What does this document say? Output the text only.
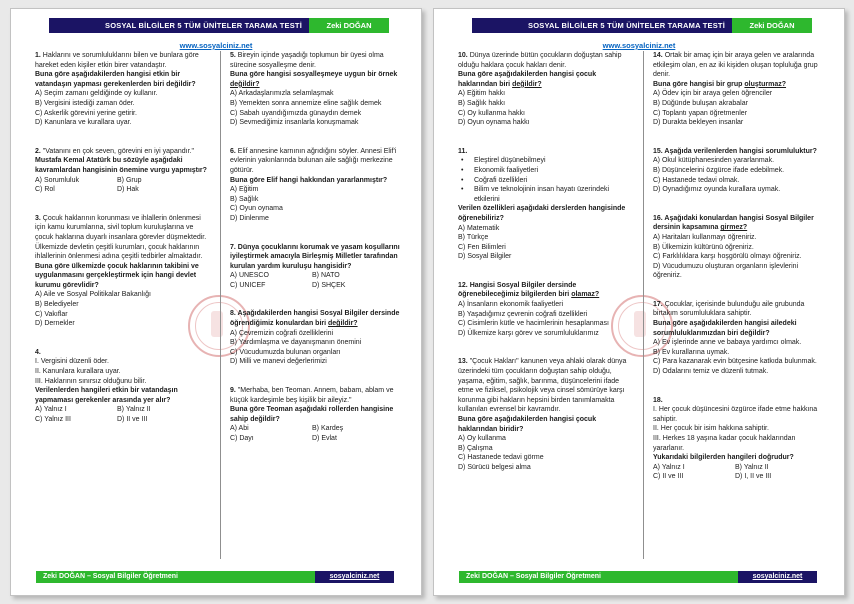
SOSYAL BİLGİLER 5 TÜM ÜNİTELER TARAMA TESTİ	Zeki DOĞAN
www.sosyalciniz.net
1. Haklarını ve sorumluluklarını bilen ve bunlara göre hareket eden kişiler etkin birer vatandaştır.
Buna göre aşağıdakilerden hangisi etkin bir vatandaşın yapması gerekenlerden biri değildir?
A) Seçim zamanı geldiğinde oy kullanır.
B) Vergisini istediği zaman öder.
C) Askerlik görevini yerine getirir.
D) Kanunlara ve kurallara uyar.
2. "Vatanını en çok seven, görevini en iyi yapandır."
Mustafa Kemal Atatürk bu sözüyle aşağıdaki kavramlardan hangisinin önemine vurgu yapmıştır?
A) Sorumluluk	B) Grup
C) Rol	D) Hak
3. Çocuk haklarının korunması ve ihlallerin önlenmesi için kamu kurumlarına, sivil toplum kuruluşlarına ve çocuk haklarına duyarlı insanlara görevler düşmektedir. Ülkemizde devletin çeşitli kurumları, çocuk haklarının ihlallerinin önlenmesi adına çeşitli tedbirler almaktadır.
Buna göre ülkemizde çocuk haklarının takibini ve uygulanmasını gerçekleştirmek için hangi devlet kurumu görevlidir?
A) Aile ve Sosyal Politikalar Bakanlığı
B) Belediyeler
C) Vakıflar
D) Dernekler
4.
I. Vergisini düzenli öder.
II. Kanunlara kurallara uyar.
III. Haklarının sınırsız olduğunu bilir.
Verilenlerden hangileri etkin bir vatandaşın yapmaması gerekenler arasında yer alır?
A) Yalnız I	B) Yalnız II
C) Yalnız III	D) II ve III
5. Bireyin içinde yaşadığı toplumun bir üyesi olma sürecine sosyalleşme denir.
Buna göre hangisi sosyalleşmeye uygun bir örnek değildir?
A) Arkadaşlarımızla selamlaşmak
B) Yemekten sonra annemize eline sağlık demek
C) Sabah uyandığımızda günaydın demek
D) Sevmediğimiz insanlarla konuşmamak
6. Elif annesine karnının ağrıdığını söyler. Annesi Elif'i evlerinin yakınlarında bulunan aile sağlığı merkezine götürür.
Buna göre Elif hangi hakkından yararlanmıştır?
A) Eğitim
B) Sağlık
C) Oyun oynama
D) Dinlenme
7. Dünya çocuklarını korumak ve yasam koşullarını iyileştirmek amacıyla Birleşmiş Milletler tarafından kurulan yardım kuruluşu hangisidir?
A) UNESCO	B) NATO
C) UNICEF	D) SHÇEK
8. Aşağıdakilerden hangisi Sosyal Bilgiler dersinde öğrendiğimiz konulardan biri değildir?
A) Çevremizin coğrafi özelliklerini
B) Yardımlaşma ve dayanışmanın önemini
C) Vücudumuzda bulunan organları
D) Milli ve manevi değerlerimizi
9. "Merhaba, ben Teoman. Annem, babam, ablam ve küçük kardeşimle beş kişilik bir aileyiz."
Buna göre Teoman aşağıdaki rollerden hangisine sahip değildir?
A) Abi	B) Kardeş
C) Dayı	D) Evlat
Zeki DOĞAN – Sosyal Bilgiler Öğretmeni	sosyalciniz.net
SOSYAL BİLGİLER 5 TÜM ÜNİTELER TARAMA TESTİ	Zeki DOĞAN
www.sosyalciniz.net
10. Dünya üzerinde bütün çocukların doğuştan sahip olduğu haklara çocuk hakları denir.
Buna göre aşağıdakilerden hangisi çocuk haklarından biri değildir?
A) Eğitim hakkı
B) Sağlık hakkı
C) Oy kullanma hakkı
D) Oyun oynama hakkı
11.
•	Eleştirel düşünebilmeyi
•	Ekonomik faaliyetleri
•	Coğrafi özellikleri
•	Bilim ve teknolojinin insan hayatı üzerindeki etkilerini
Verilen özellikleri aşağıdaki derslerden hangisinde öğrenebiliriz?
A) Matematik
B) Türkçe
C) Fen Bilimleri
D) Sosyal Bilgiler
12. Hangisi Sosyal Bilgiler dersinde öğrenebileceğimiz bilgilerden biri olamaz?
A) İnsanların ekonomik faaliyetleri
B) Yaşadığımız çevrenin coğrafi özellikleri
C) Cisimlerin kütle ve hacimlerinin hesaplanması
D) Ülkemize karşı görev ve sorumluluklarımız
13. "Çocuk Hakları" kanunen veya ahlaki olarak dünya üzerindeki tüm çocukların doğuştan sahip olduğu, yaşama, eğitim, sağlık, barınma, düşüncelerini ifade etme ve fiziksel, psikolojik veya cinsel sömürüye karşı korunma gibi hakların hepsini birden tanımlamakta kullanılan evrensel bir kavramdır.
Buna göre aşağıdakilerden hangisi çocuk haklarından biridir?
A) Oy kullanma
B) Çalışma
C) Hastanede tedavi görme
D) Sürücü belgesi alma
14. Ortak bir amaç için bir araya gelen ve aralarında etkileşim olan, en az iki kişiden oluşan topluluğa grup denir.
Buna göre hangisi bir grup oluşturmaz?
A) Ödev için bir araya gelen öğrenciler
B) Düğünde buluşan akrabalar
C) Toplantı yapan öğretmenler
D) Durakta bekleyen insanlar
15. Aşağıda verilenlerden hangisi sorumluluktur?
A) Okul kütüphanesinden yararlanmak.
B) Düşüncelerini özgürce ifade edebilmek.
C) Hastanede tedavi olmak.
D) Oynadığımız oyunda kurallara uymak.
16. Aşağıdaki konulardan hangisi Sosyal Bilgiler dersinin kapsamına girmez?
A) Haritaları kullanmayı öğreniriz.
B) Ülkemizin kültürünü öğreniriz.
C) Farklılıklara karşı hoşgörülü olmayı öğreniriz.
D) Vücudumuzu oluşturan organların işlevlerini öğreniriz.
17. Çocuklar, içerisinde bulunduğu aile grubunda birtakım sorumluluklara sahiptir.
Buna göre aşağıdakilerden hangisi ailedeki sorumluluklarımızdan biri değildir?
A) Ev işlerinde anne ve babaya yardımcı olmak.
B) Ev kurallarına uymak.
C) Para kazanarak evin bütçesine katkıda bulunmak.
D) Odalarını temiz ve düzenli tutmak.
18.
I. Her çocuk düşüncesini özgürce ifade etme hakkına sahiptir.
II. Her çocuk bir isim hakkına sahiptir.
III. Herkes 18 yaşına kadar çocuk haklarından yararlanır.
Yukarıdaki bilgilerden hangileri doğrudur?
A) Yalnız I	B) Yalnız II
C) II ve III	D) I, II ve III
Zeki DOĞAN – Sosyal Bilgiler Öğretmeni	sosyalciniz.net
